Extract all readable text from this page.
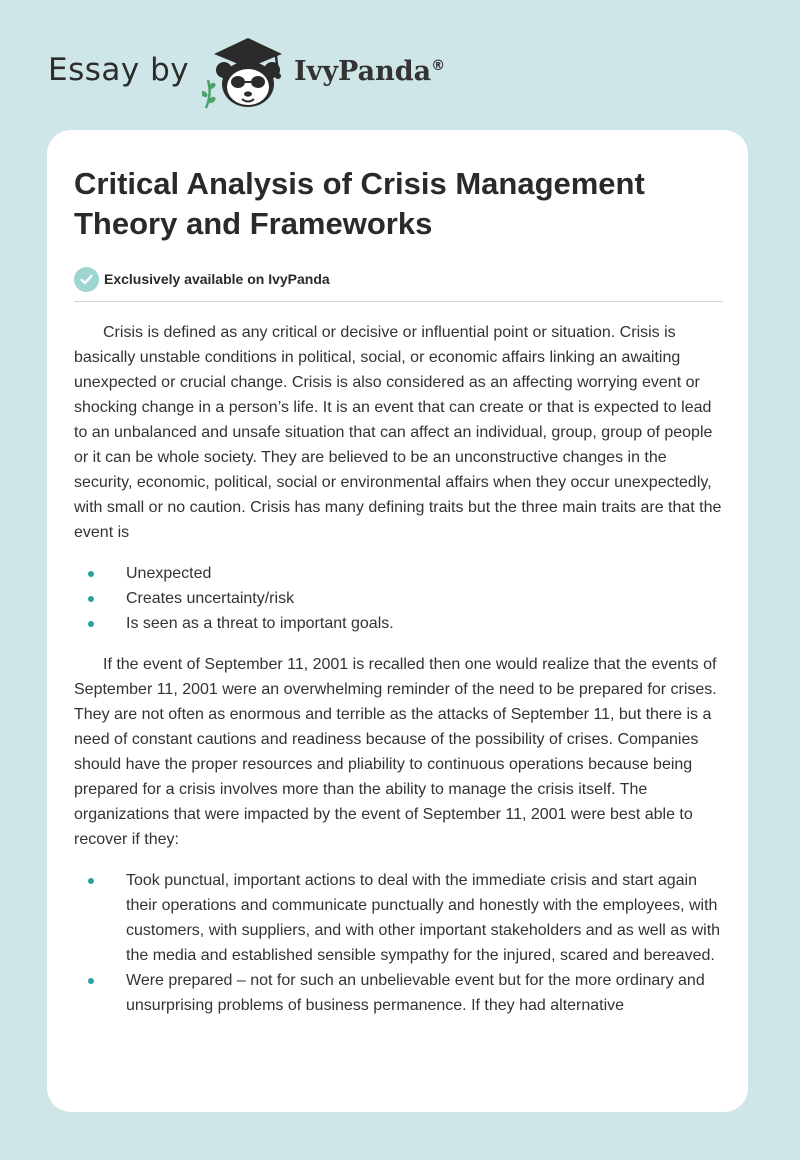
Essay by	IvyPanda®
Critical Analysis of Crisis Management Theory and Frameworks
Exclusively available on IvyPanda

Crisis is defined as any critical or decisive or influential point or situation. Crisis is basically unstable conditions in political, social, or economic affairs linking an awaiting unexpected or crucial change. Crisis is also considered as an affecting worrying event or shocking change in a person’s life. It is an event that can create or that is expected to lead to an unbalanced and unsafe situation that can affect an individual, group, group of people or it can be whole society. They are believed to be an unconstructive changes in the security, economic, political, social or environmental affairs when they occur unexpectedly, with small or no caution. Crisis has many defining traits but the three main traits are that the event is

Unexpected
Creates uncertainty/risk
Is seen as a threat to important goals.

If the event of September 11, 2001 is recalled then one would realize that the events of September 11, 2001 were an overwhelming reminder of the need to be prepared for crises. They are not often as enormous and terrible as the attacks of September 11, but there is a need of constant cautions and readiness because of the possibility of crises. Companies should have the proper resources and pliability to continuous operations because being prepared for a crisis involves more than the ability to manage the crisis itself. The organizations that were impacted by the event of September 11, 2001 were best able to recover if they:

Took punctual, important actions to deal with the immediate crisis and start again their operations and communicate punctually and honestly with the employees, with customers, with suppliers, and with other important stakeholders and as well as with the media and established sensible sympathy for the injured, scared and bereaved.
Were prepared – not for such an unbelievable event but for the more ordinary and unsurprising problems of business permanence. If they had alternative
